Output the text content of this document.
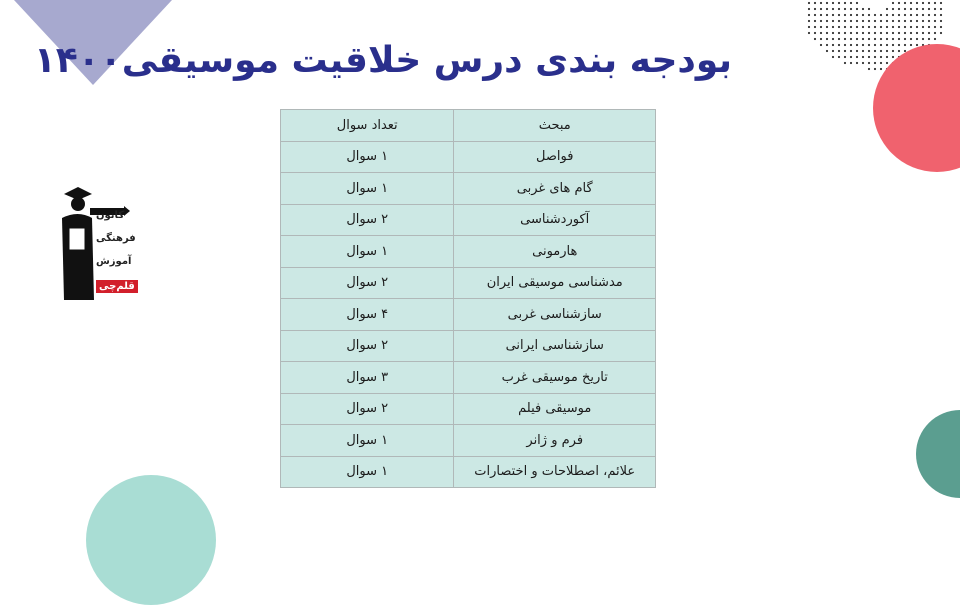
بودجه بندی درس خلاقیت موسیقی۱۴۰۰
مبحث	تعداد سوال
فواصل	۱ سوال
گام های غربی	۱ سوال
آکوردشناسی	۲ سوال
هارمونی	۱ سوال
مدشناسی موسیقی ایران	۲ سوال
سازشناسی غربی	۴ سوال
سازشناسی ایرانی	۲ سوال
تاریخ موسیقی غرب	۳ سوال
موسیقی فیلم	۲ سوال
فرم و ژانر	۱ سوال
علائم، اصطلاحات و اختصارات	۱ سوال
کانون
فرهنگی
آموزش
قلم‌چی
